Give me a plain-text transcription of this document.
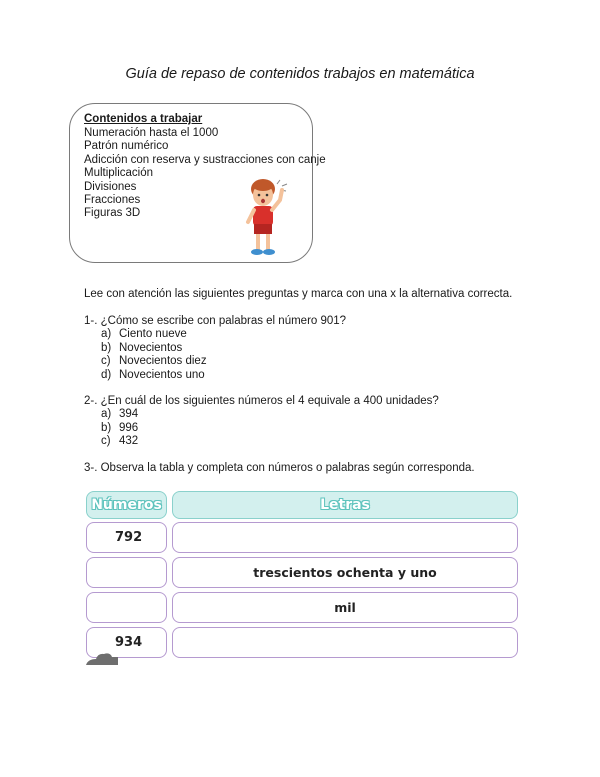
Guía de repaso de contenidos trabajos en matemática
Contenidos a trabajar
Numeración hasta el 1000
Patrón numérico
Adicción con reserva y sustracciones con canje
Multiplicación
Divisiones
Fracciones
Figuras 3D
Lee con atención las siguientes preguntas y marca con una x la alternativa correcta.
1-. ¿Cómo se escribe con palabras el número 901?
a) Ciento nueve
b) Novecientos
c) Novecientos diez
d) Novecientos uno
2-. ¿En cuál de los siguientes números el 4 equivale a 400 unidades?
a) 394
b) 996
c) 432
3-. Observa la tabla y completa con números o palabras según corresponda.
Números	Letras
792
trescientos ochenta y uno
mil
934
